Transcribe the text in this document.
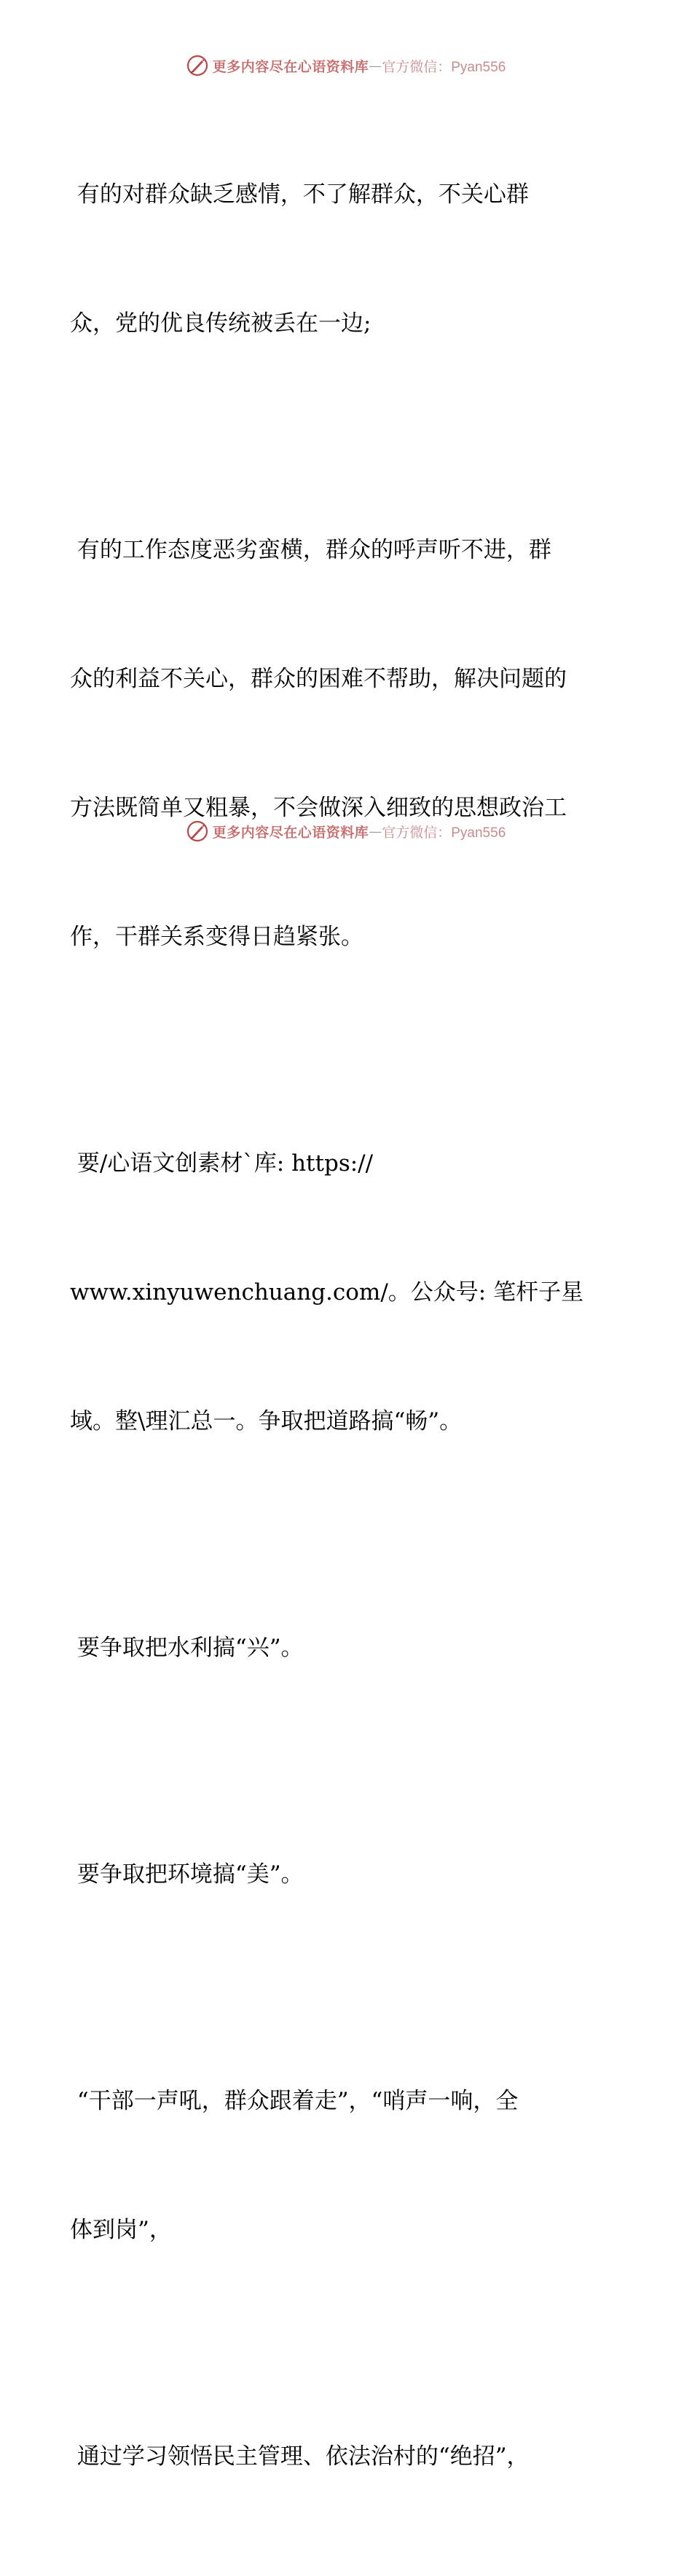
更多内容尽在心语资料库 — 官方微信：Pyan556

有的对群众缺乏感情，不了解群众，不关心群

众，党的优良传统被丢在一边;

有的工作态度恶劣蛮横，群众的呼声听不进，群

众的利益不关心，群众的困难不帮助，解决问题的

方法既简单又粗暴，不会做深入细致的思想政治工

作，干群关系变得日趋紧张。

要/心语文创素材`库: https://

www.xinyuwenchuang.com/。公众号: 笔杆子星

域。整\理汇总一。争取把道路搞“畅”。

要争取把水利搞“兴”。

要争取把环境搞“美”。

“干部一声吼，群众跟着走”，“哨声一响，全

体到岗”，

通过学习领悟民主管理、依法治村的“绝招”，

更多内容尽在心语资料库 — 官方微信：Pyan556
